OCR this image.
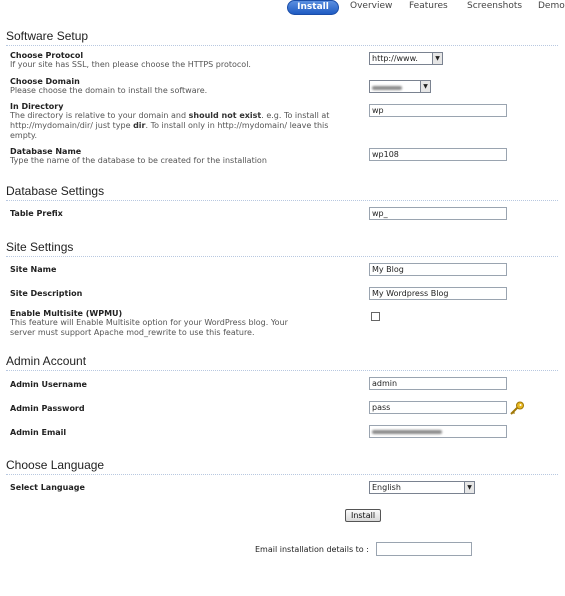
Install	Overview Features Screenshots Demo
Software Setup
Choose Protocol
If your site has SSL, then please choose the HTTPS protocol.
http://www.	▼
Choose Domain
Please choose the domain to install the software.	▼
In Directory
The directory is relative to your domain and should not exist. e.g. To install at http://mydomain/dir/ just type dir. To install only in http://mydomain/ leave this empty.
wp
Database Name
Type the name of the database to be created for the installation
wp108
Database Settings
Table Prefix	wp_
Site Settings
Site Name	My Blog
Site Description	My Wordpress Blog
Enable Multisite (WPMU)
This feature will Enable Multisite option for your WordPress blog. Your server must support Apache mod_rewrite to use this feature.
Admin Account
Admin Username	admin
Admin Password	pass
Admin Email
Choose Language
Select Language	English	▼
Install
Email installation details to :
